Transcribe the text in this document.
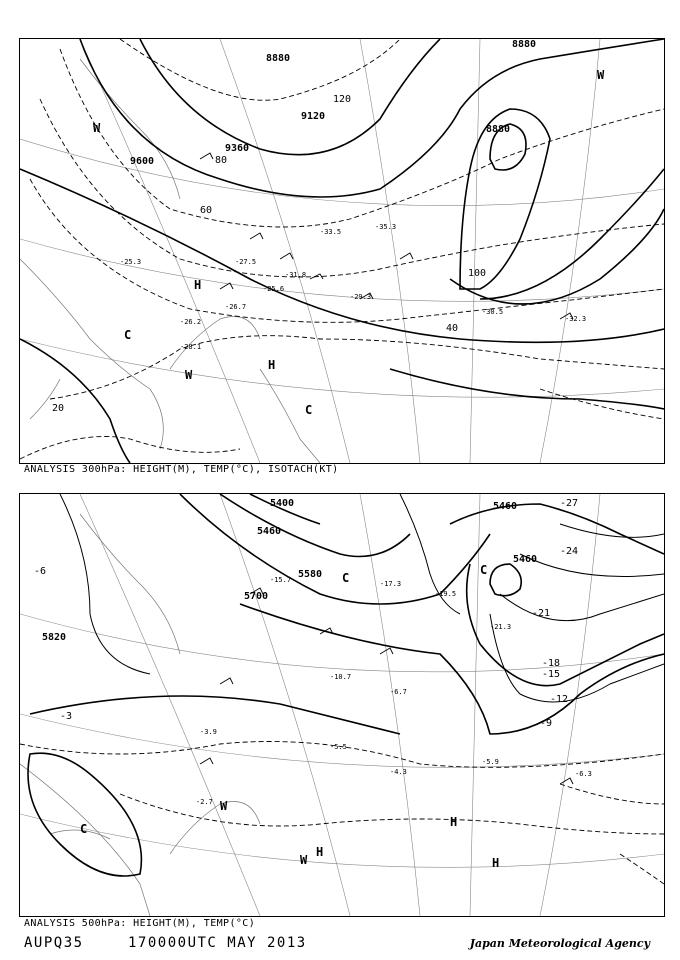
8880
8880
9120
9360
9600
8880
40
60
80
100
120
20
-25.3
-26.7
-27.5
-29.3
-31.8
-33.5
-35.3
-30.5
-32.3
-28.1
-26.2
-25.6
H
H
C
C
W
W
W
ANALYSIS 300hPa: HEIGHT(M), TEMP(°C), ISOTACH(KT)
5400
5460
5580
5700
5820
5460
5460
-3
-6
-9
-12
-15
-18
-21
-24
-27
-5.5
-4.3
-6.7
-10.7
-15.7	-17.3
-19.5
-21.3
-2.7
-3.9
-5.9
-6.3
H
H
H
C
C
C
W
W
ANALYSIS 500hPa: HEIGHT(M), TEMP(°C)
AUPQ35	170000UTC MAY 2013	Japan Meteorological Agency
